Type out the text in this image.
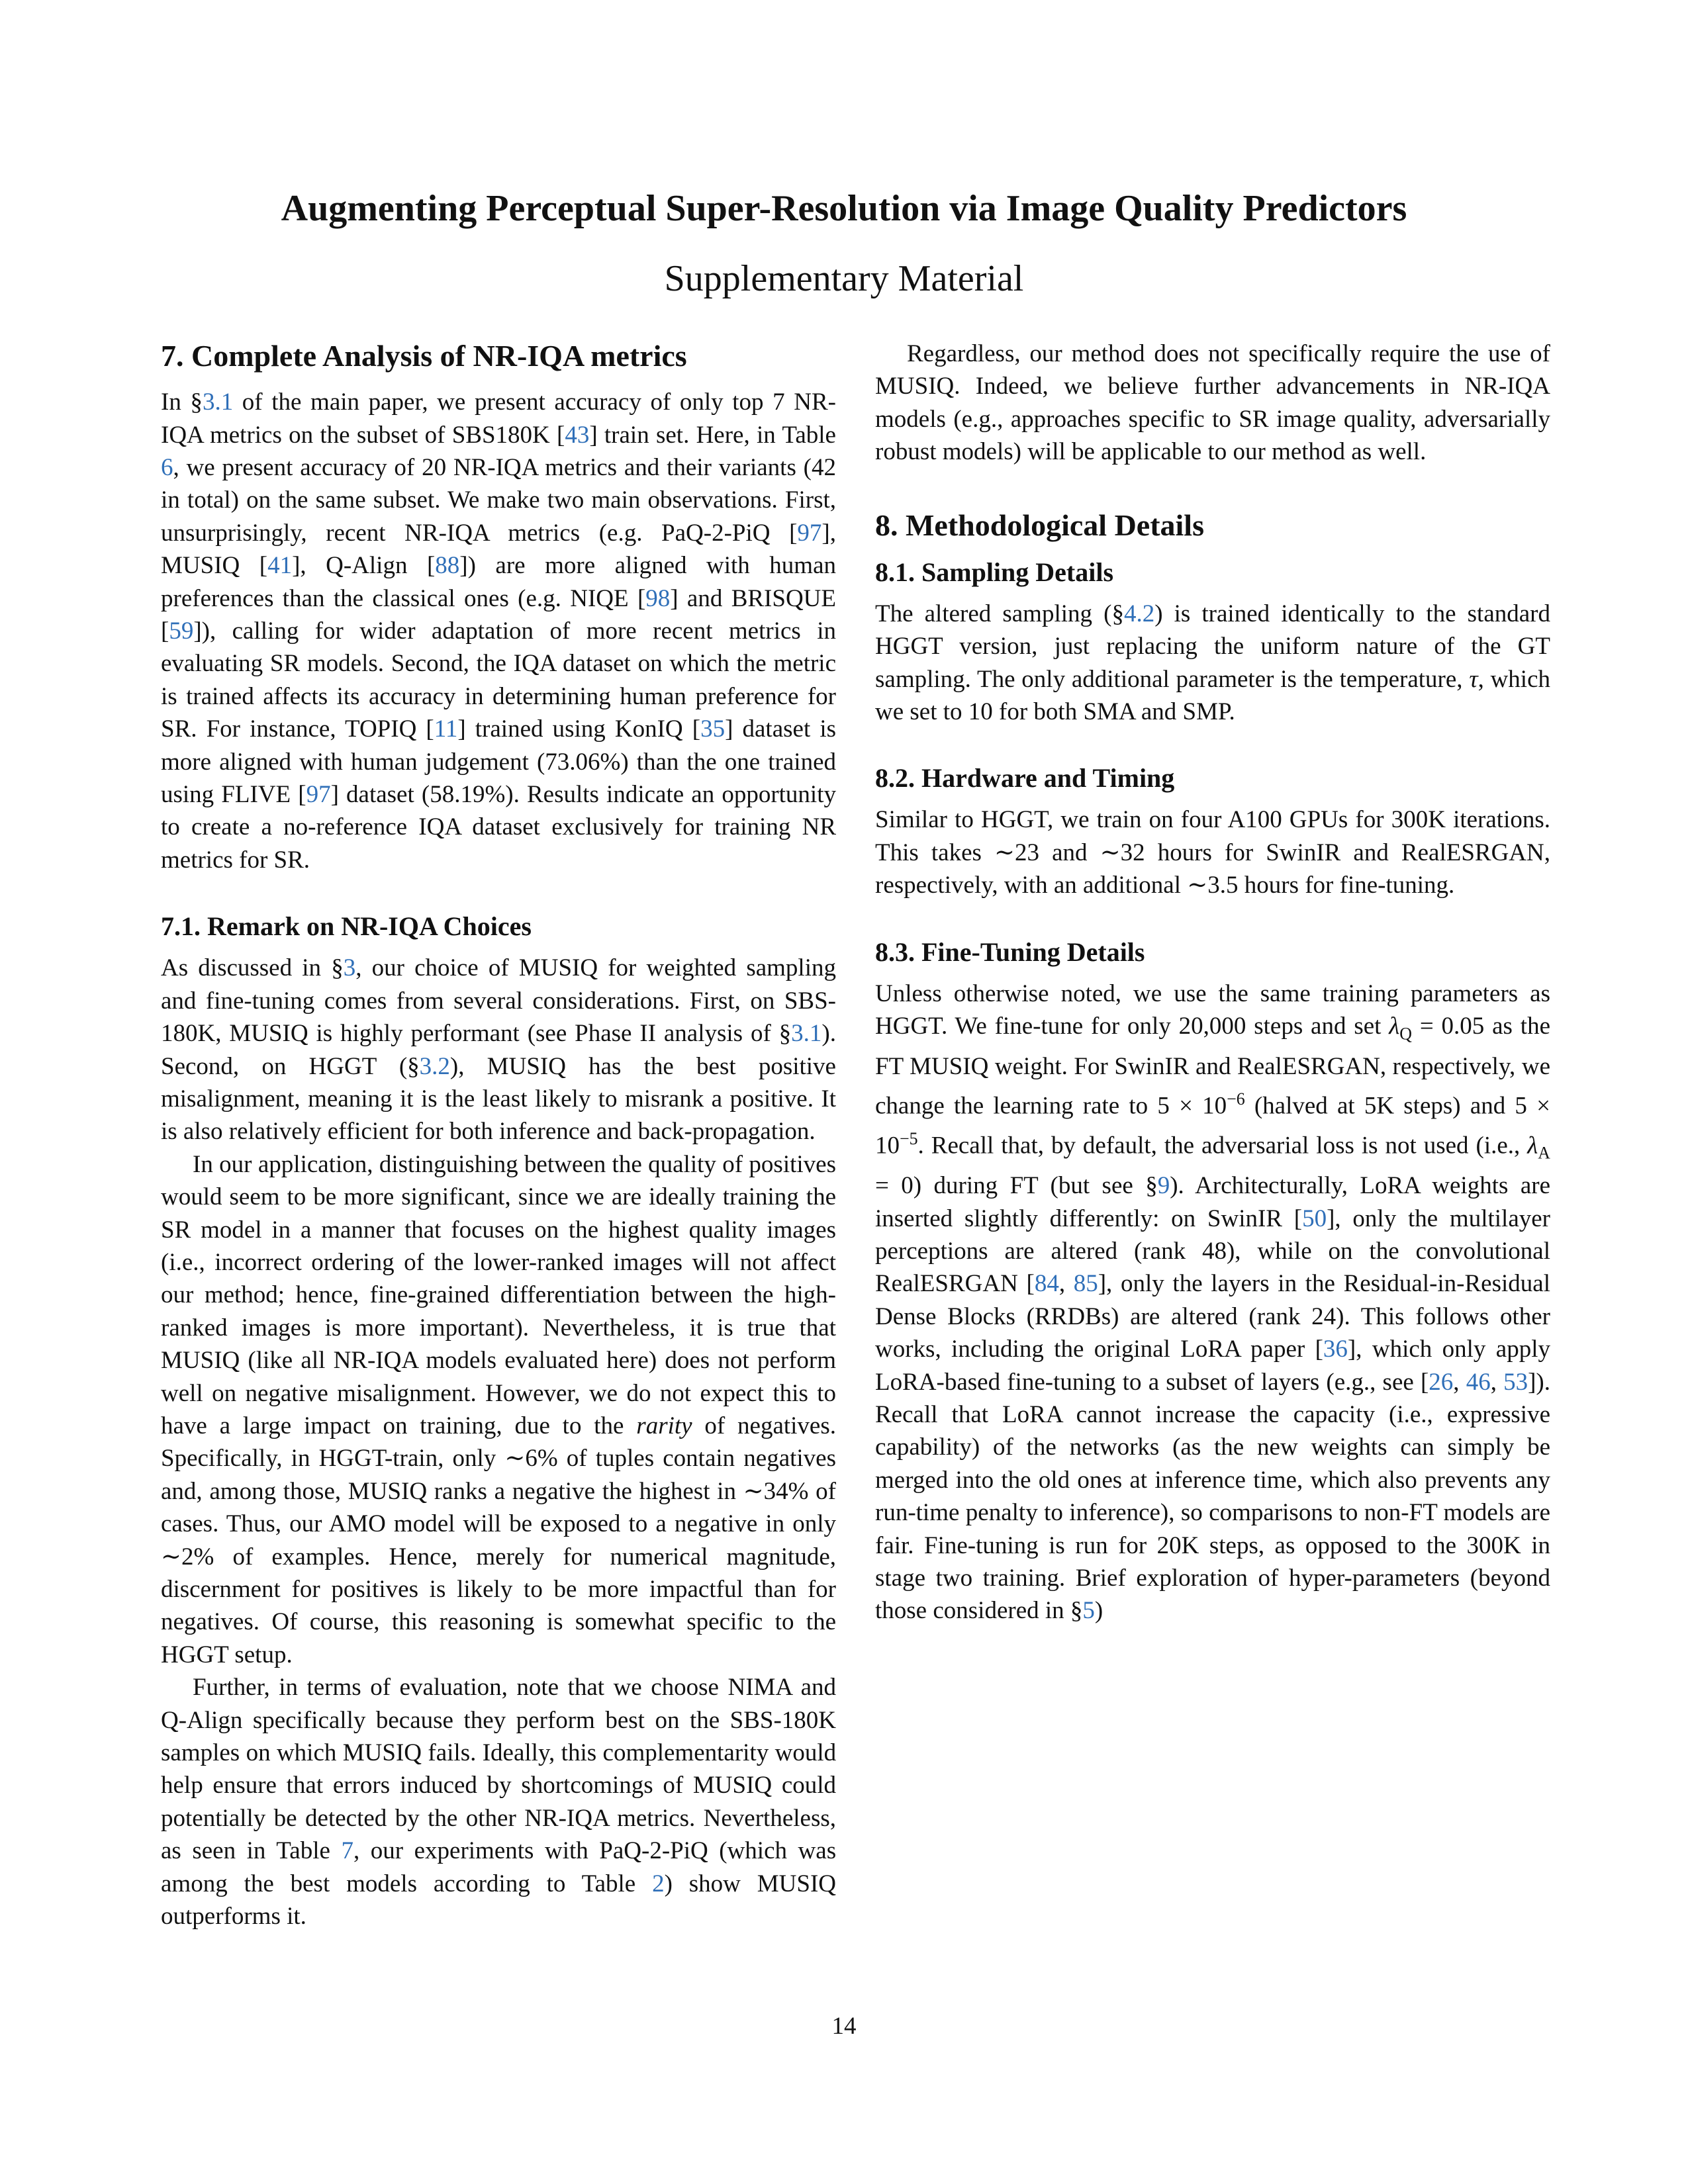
Augmenting Perceptual Super-Resolution via Image Quality Predictors
Supplementary Material
7. Complete Analysis of NR-IQA metrics

In §3.1 of the main paper, we present accuracy of only top 7 NR-IQA metrics on the subset of SBS180K [43] train set. Here, in Table 6, we present accuracy of 20 NR-IQA metrics and their variants (42 in total) on the same subset. We make two main observations. First, unsurprisingly, recent NR-IQA metrics (e.g. PaQ-2-PiQ [97], MUSIQ [41], Q-Align [88]) are more aligned with human preferences than the classical ones (e.g. NIQE [98] and BRISQUE [59]), calling for wider adaptation of more recent metrics in evaluating SR models. Second, the IQA dataset on which the metric is trained affects its accuracy in determining human preference for SR. For instance, TOPIQ [11] trained using KonIQ [35] dataset is more aligned with human judgement (73.06%) than the one trained using FLIVE [97] dataset (58.19%). Results indicate an opportunity to create a no-reference IQA dataset exclusively for training NR metrics for SR.

7.1. Remark on NR-IQA Choices

As discussed in §3, our choice of MUSIQ for weighted sampling and fine-tuning comes from several considerations. First, on SBS-180K, MUSIQ is highly performant (see Phase II analysis of §3.1). Second, on HGGT (§3.2), MUSIQ has the best positive misalignment, meaning it is the least likely to misrank a positive. It is also relatively efficient for both inference and back-propagation.

In our application, distinguishing between the quality of positives would seem to be more significant, since we are ideally training the SR model in a manner that focuses on the highest quality images (i.e., incorrect ordering of the lower-ranked images will not affect our method; hence, fine-grained differentiation between the high-ranked images is more important). Nevertheless, it is true that MUSIQ (like all NR-IQA models evaluated here) does not perform well on negative misalignment. However, we do not expect this to have a large impact on training, due to the rarity of negatives. Specifically, in HGGT-train, only ∼6% of tuples contain negatives and, among those, MUSIQ ranks a negative the highest in ∼34% of cases. Thus, our AMO model will be exposed to a negative in only ∼2% of examples. Hence, merely for numerical magnitude, discernment for positives is likely to be more impactful than for negatives. Of course, this reasoning is somewhat specific to the HGGT setup.

Further, in terms of evaluation, note that we choose NIMA and Q-Align specifically because they perform best on the SBS-180K samples on which MUSIQ fails. Ideally, this complementarity would help ensure that errors induced by shortcomings of MUSIQ could potentially be detected by the other NR-IQA metrics. Nevertheless, as seen in Table 7, our experiments with PaQ-2-PiQ (which was among the best models according to Table 2) show MUSIQ outperforms it.

Regardless, our method does not specifically require the use of MUSIQ. Indeed, we believe further advancements in NR-IQA models (e.g., approaches specific to SR image quality, adversarially robust models) will be applicable to our method as well.

8. Methodological Details
8.1. Sampling Details

The altered sampling (§4.2) is trained identically to the standard HGGT version, just replacing the uniform nature of the GT sampling. The only additional parameter is the temperature, τ, which we set to 10 for both SMA and SMP.

8.2. Hardware and Timing

Similar to HGGT, we train on four A100 GPUs for 300K iterations. This takes ∼23 and ∼32 hours for SwinIR and RealESRGAN, respectively, with an additional ∼3.5 hours for fine-tuning.

8.3. Fine-Tuning Details

Unless otherwise noted, we use the same training parameters as HGGT. We fine-tune for only 20,000 steps and set $\lambda_Q = 0.05$ as the FT MUSIQ weight. For SwinIR and RealESRGAN, respectively, we change the learning rate to $5 \times 10^{-6}$ (halved at 5K steps) and $5 \times 10^{-5}$. Recall that, by default, the adversarial loss is not used (i.e., $\lambda_A = 0$) during FT (but see §9). Architecturally, LoRA weights are inserted slightly differently: on SwinIR [50], only the multilayer perceptions are altered (rank 48), while on the convolutional RealESRGAN [84, 85], only the layers in the Residual-in-Residual Dense Blocks (RRDBs) are altered (rank 24). This follows other works, including the original LoRA paper [36], which only apply LoRA-based fine-tuning to a subset of layers (e.g., see [26, 46, 53]). Recall that LoRA cannot increase the capacity (i.e., expressive capability) of the networks (as the new weights can simply be merged into the old ones at inference time, which also prevents any run-time penalty to inference), so comparisons to non-FT models are fair. Fine-tuning is run for 20K steps, as opposed to the 300K in stage two training. Brief exploration of hyper-parameters (beyond those considered in §5)

14
